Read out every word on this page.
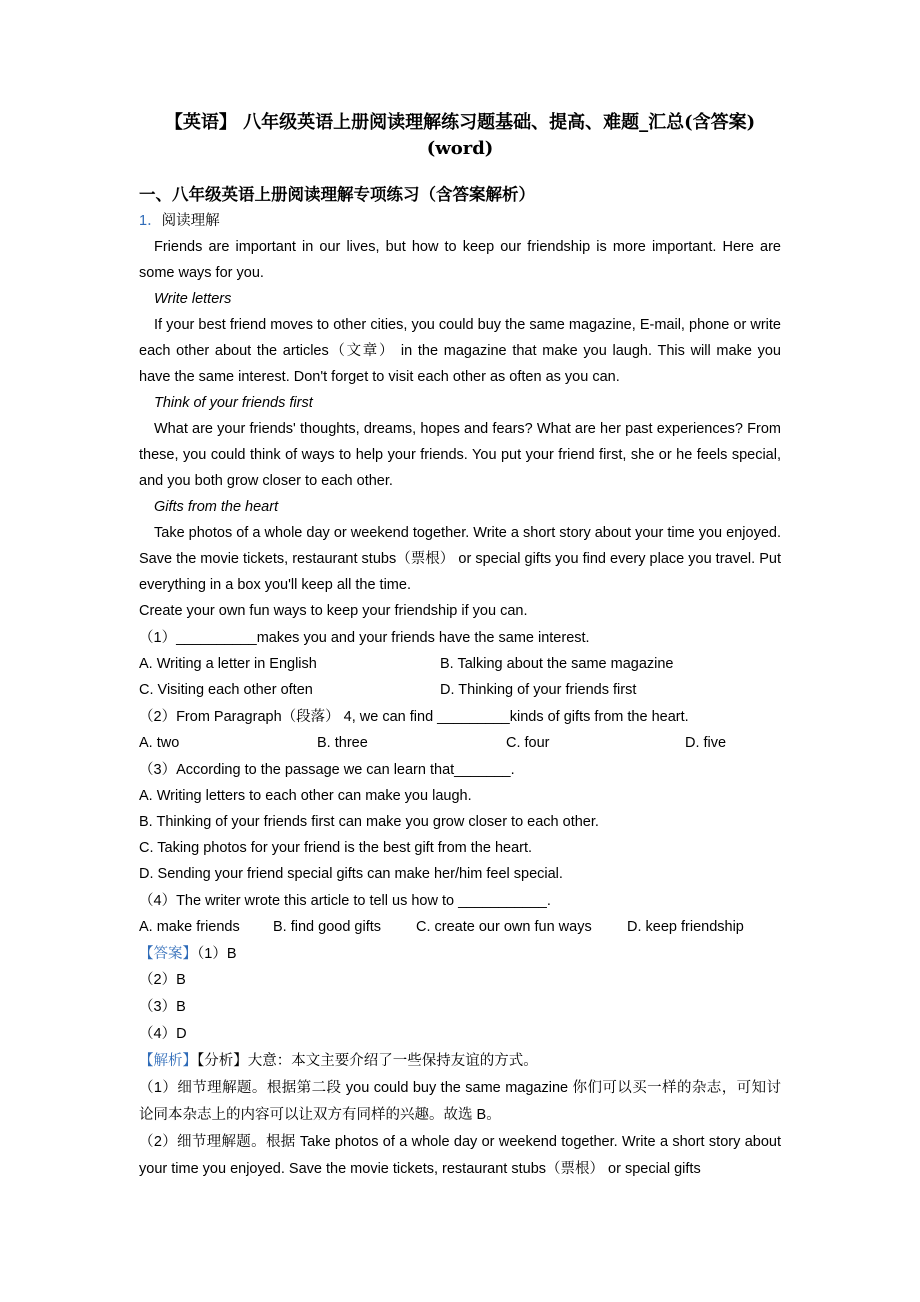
【英语】 八年级英语上册阅读理解练习题基础、提高、难题_汇总(含答案)
(word)
一、八年级英语上册阅读理解专项练习（含答案解析）
1．阅读理解
Friends are important in our lives, but how to keep our friendship is more important. Here are some ways for you.
Write letters
If your best friend moves to other cities, you could buy the same magazine, E-mail, phone or write each other about the articles（文章） in the magazine that make you laugh. This will make you have the same interest. Don't forget to visit each other as often as you can.
Think of your friends first
What are your friends' thoughts, dreams, hopes and fears? What are her past experiences? From these, you could think of ways to help your friends. You put your friend first, she or he feels special, and you both grow closer to each other.
Gifts from the heart
Take photos of a whole day or weekend together. Write a short story about your time you enjoyed. Save the movie tickets, restaurant stubs（票根） or special gifts you find every place you travel. Put everything in a box you'll keep all the time.
Create your own fun ways to keep your friendship if you can.
（1）__________makes you and your friends have the same interest.
A. Writing a letter in English	B. Talking about the same magazine
C. Visiting each other often	D. Thinking of your friends first
（2）From Paragraph（段落） 4, we can find _________kinds of gifts from the heart.
A. two	B. three	C. four	D. five
（3）According to the passage we can learn that_______.
A. Writing letters to each other can make you laugh.
B. Thinking of your friends first can make you grow closer to each other.
C. Taking photos for your friend is the best gift from the heart.
D. Sending your friend special gifts can make her/him feel special.
（4）The writer wrote this article to tell us how to ___________.
A. make friends	B. find good gifts	C. create our own fun ways	D. keep friendship
【答案】（1）B
（2）B
（3）B
（4）D
【解析】【分析】大意：本文主要介绍了一些保持友谊的方式。
（1）细节理解题。根据第二段 you could buy the same magazine 你们可以买一样的杂志，可知讨论同本杂志上的内容可以让双方有同样的兴趣。故选 B。
（2）细节理解题。根据 Take photos of a whole day or weekend together. Write a short story about your time you enjoyed. Save the movie tickets, restaurant stubs（票根） or special gifts
